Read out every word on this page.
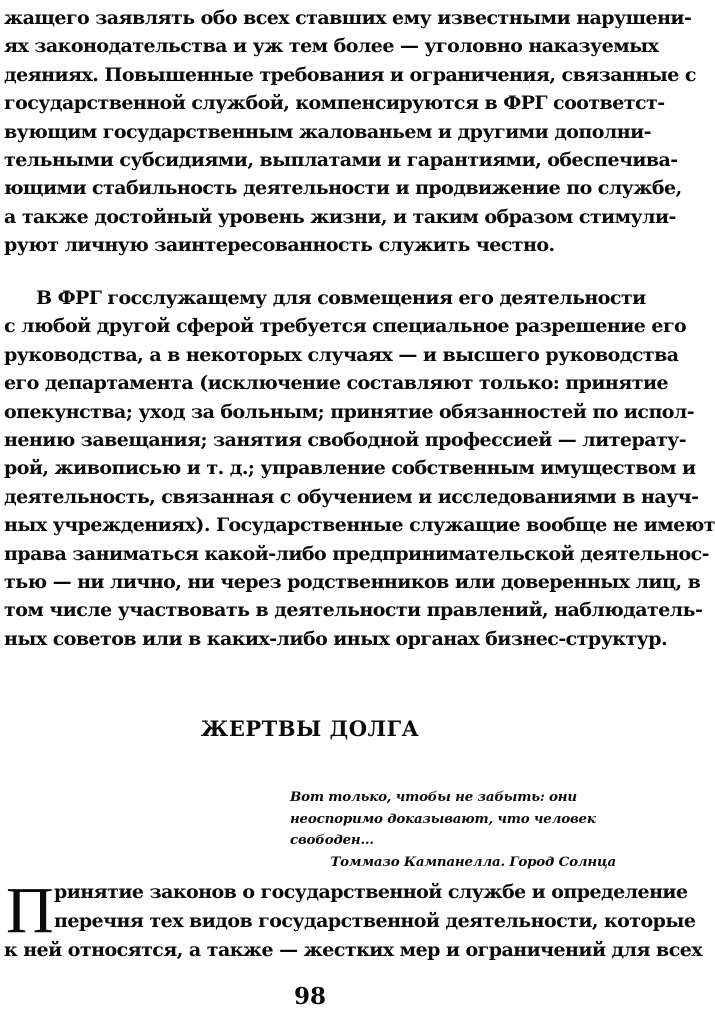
жащего заявлять обо всех ставших ему известными нарушени-
ях законодательства и уж тем более — уголовно наказуемых
деяниях. Повышенные требования и ограничения, связанные с
государственной службой, компенсируются в ФРГ соответст-
вующим государственным жалованьем и другими дополни-
тельными субсидиями, выплатами и гарантиями, обеспечива-
ющими стабильность деятельности и продвижение по службе,
а также достойный уровень жизни, и таким образом стимули-
руют личную заинтересованность служить честно.
В ФРГ госслужащему для совмещения его деятельности
с любой другой сферой требуется специальное разрешение его
руководства, а в некоторых случаях — и высшего руководства
его департамента (исключение составляют только: принятие
опекунства; уход за больным; принятие обязанностей по испол-
нению завещания; занятия свободной профессией — литерату-
рой, живописью и т. д.; управление собственным имуществом и
деятельность, связанная с обучением и исследованиями в науч-
ных учреждениях). Государственные служащие вообще не имеют
права заниматься какой-либо предпринимательской деятельнос-
тью — ни лично, ни через родственников или доверенных лиц, в
том числе участвовать в деятельности правлений, наблюдатель-
ных советов или в каких-либо иных органах бизнес-структур.
ЖЕРТВЫ ДОЛГА
Вот только, чтобы не забыть: они
неоспоримо доказывают, что человек
свободен...
Томмазо Кампанелла. Город Солнца
П ринятие законов о государственной службе и определение
перечня тех видов государственной деятельности, которые
к ней относятся, а также — жестких мер и ограничений для всех
98
